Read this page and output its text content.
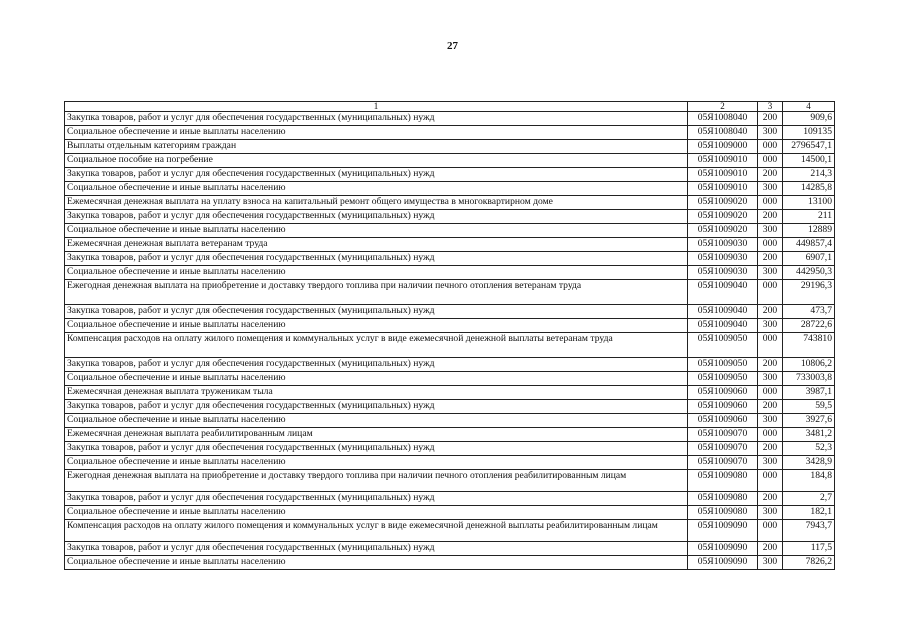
27
1	2	3	4
Закупка товаров, работ и услуг для обеспечения государственных (муниципальных) нужд	05Я1008040	200	909,6
Социальное обеспечение и иные выплаты населению	05Я1008040	300	109135
Выплаты отдельным категориям граждан	05Я1009000	000	2796547,1
Социальное пособие на погребение	05Я1009010	000	14500,1
Закупка товаров, работ и услуг для обеспечения государственных (муниципальных) нужд	05Я1009010	200	214,3
Социальное обеспечение и иные выплаты населению	05Я1009010	300	14285,8
Ежемесячная денежная выплата на уплату взноса на капитальный ремонт общего имущества в многоквартирном доме	05Я1009020	000	13100
Закупка товаров, работ и услуг для обеспечения государственных (муниципальных) нужд	05Я1009020	200	211
Социальное обеспечение и иные выплаты населению	05Я1009020	300	12889
Ежемесячная денежная выплата ветеранам труда	05Я1009030	000	449857,4
Закупка товаров, работ и услуг для обеспечения государственных (муниципальных) нужд	05Я1009030	200	6907,1
Социальное обеспечение и иные выплаты населению	05Я1009030	300	442950,3
Ежегодная денежная выплата на приобретение и доставку твердого топлива при наличии печного отопления ветеранам труда	05Я1009040	000	29196,3
Закупка товаров, работ и услуг для обеспечения государственных (муниципальных) нужд	05Я1009040	200	473,7
Социальное обеспечение и иные выплаты населению	05Я1009040	300	28722,6
Компенсация расходов на оплату жилого помещения и коммунальных услуг в виде ежемесячной денежной выплаты ветеранам труда	05Я1009050	000	743810
Закупка товаров, работ и услуг для обеспечения государственных (муниципальных) нужд	05Я1009050	200	10806,2
Социальное обеспечение и иные выплаты населению	05Я1009050	300	733003,8
Ежемесячная денежная выплата труженикам тыла	05Я1009060	000	3987,1
Закупка товаров, работ и услуг для обеспечения государственных (муниципальных) нужд	05Я1009060	200	59,5
Социальное обеспечение и иные выплаты населению	05Я1009060	300	3927,6
Ежемесячная денежная выплата реабилитированным лицам	05Я1009070	000	3481,2
Закупка товаров, работ и услуг для обеспечения государственных (муниципальных) нужд	05Я1009070	200	52,3
Социальное обеспечение и иные выплаты населению	05Я1009070	300	3428,9
Ежегодная денежная выплата на приобретение и доставку твердого топлива при наличии печного отопления реабилитированным лицам	05Я1009080	000	184,8
Закупка товаров, работ и услуг для обеспечения государственных (муниципальных) нужд	05Я1009080	200	2,7
Социальное обеспечение и иные выплаты населению	05Я1009080	300	182,1
Компенсация расходов на оплату жилого помещения и коммунальных услуг в виде ежемесячной денежной выплаты реабилитированным лицам	05Я1009090	000	7943,7
Закупка товаров, работ и услуг для обеспечения государственных (муниципальных) нужд	05Я1009090	200	117,5
Социальное обеспечение и иные выплаты населению	05Я1009090	300	7826,2
